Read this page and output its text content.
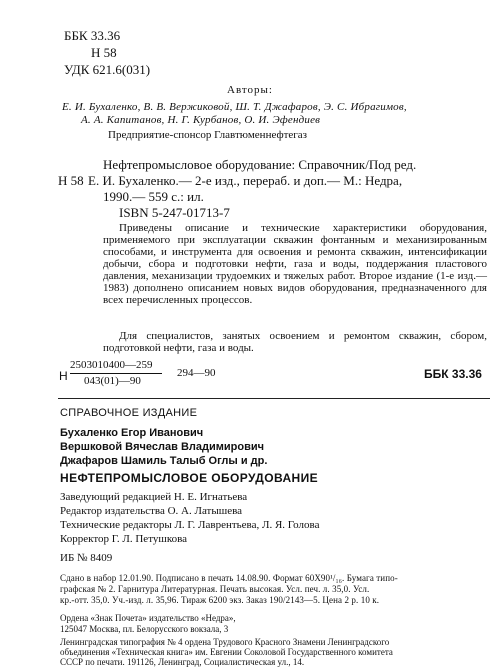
ББК 33.36
Н 58
УДК 621.6(031)
Авторы:
Е. И. Бухаленко, В. В. Вержиковой, Ш. Т. Джафаров, Э. С. Ибрагимов,
А. А. Капитанов, Н. Г. Курбанов, О. И. Эфендиев
Предприятие-спонсор Главтюменнефтегаз
Нефтепромысловое оборудование: Справочник/Под ред.
Н 58 Е. И. Бухаленко.— 2-е изд., перераб. и доп.— М.: Недра,
1990.— 559 с.: ил.
ISBN 5-247-01713-7
Приведены описание и технические характеристики оборудования, применяемого при эксплуатации скважин фонтанным и механизированным способами, и инструмента для освоения и ремонта скважин, интенсификации добычи, сбора и подготовки нефти, газа и воды, поддержания пластового давления, механизации трудоемких и тяжелых работ. Второе издание (1-е изд.— 1983) дополнено описанием новых видов оборудования, предназначенного для всех перечисленных процессов.
Для специалистов, занятых освоением и ремонтом скважин, сбором, подготовкой нефти, газа и воды.
Н
2503010400—259
043(01)—90
294—90	ББК 33.36
СПРАВОЧНОЕ ИЗДАНИЕ
Бухаленко Егор Иванович
Вершковой Вячеслав Владимирович
Джафаров Шамиль Талыб Оглы и др.
НЕФТЕПРОМЫСЛОВОЕ ОБОРУДОВАНИЕ
Заведующий редакцией Н. Е. Игнатьева
Редактор издательства О. А. Латышева
Технические редакторы Л. Г. Лаврентьева, Л. Я. Голова
Корректор Г. Л. Петушкова
ИБ № 8409
Сдано в набор 12.01.90. Подписано в печать 14.08.90. Формат 60Х90¹/₁₆. Бумага типо-
графская № 2. Гарнитура Литературная. Печать высокая. Усл. печ. л. 35,0. Усл.
кр.-отт. 35,0. Уч.-изд. л. 35,96. Тираж 6200 экз. Заказ 190/2143—5. Цена 2 р. 10 к.
Ордена «Знак Почета» издательство «Недра»,
125047 Москва, пл. Белорусского вокзала, 3
Ленинградская типография № 4 ордена Трудового Красного Знамени Ленинградского
объединения «Техническая книга» им. Евгении Соколовой Государственного комитета
СССР по печати. 191126, Ленинград, Социалистическая ул., 14.
